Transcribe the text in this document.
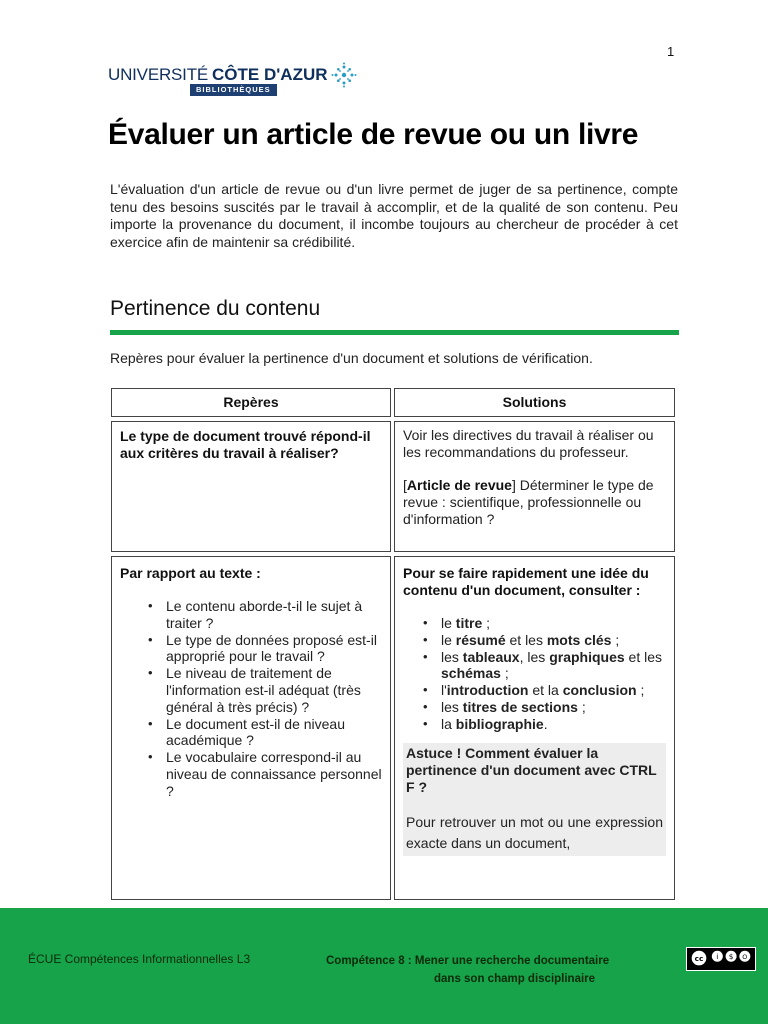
1
UNIVERSITÉ CÔTE D'AZUR
BIBLIOTHÈQUES
Évaluer un article de revue ou un livre

L'évaluation d'un article de revue ou d'un livre permet de juger de sa pertinence, compte tenu des besoins suscités par le travail à accomplir, et de la qualité de son contenu. Peu importe la provenance du document, il incombe toujours au chercheur de procéder à cet exercice afin de maintenir sa crédibilité.

Pertinence du contenu

Repères pour évaluer la pertinence d'un document et solutions de vérification.

Repères	Solutions
Le type de document trouvé répond-il aux critères du travail à réaliser?
Voir les directives du travail à réaliser ou les recommandations du professeur.
[Article de revue] Déterminer le type de revue : scientifique, professionnelle ou d'information ?
Par rapport au texte :
• Le contenu aborde-t-il le sujet à traiter ?
• Le type de données proposé est-il approprié pour le travail ?
• Le niveau de traitement de l'information est-il adéquat (très général à très précis) ?
• Le document est-il de niveau académique ?
• Le vocabulaire correspond-il au niveau de connaissance personnel ?
Pour se faire rapidement une idée du contenu d'un document, consulter :
• le titre ;
• le résumé et les mots clés ;
• les tableaux, les graphiques et les schémas ;
• l'introduction et la conclusion ;
• les titres de sections ;
• la bibliographie.
Astuce ! Comment évaluer la pertinence d'un document avec CTRL F ?
Pour retrouver un mot ou une expression exacte dans un document,
ÉCUE Compétences Informationnelles L3	Compétence 8 : Mener une recherche documentaire
dans son champ disciplinaire
cc i $ O
